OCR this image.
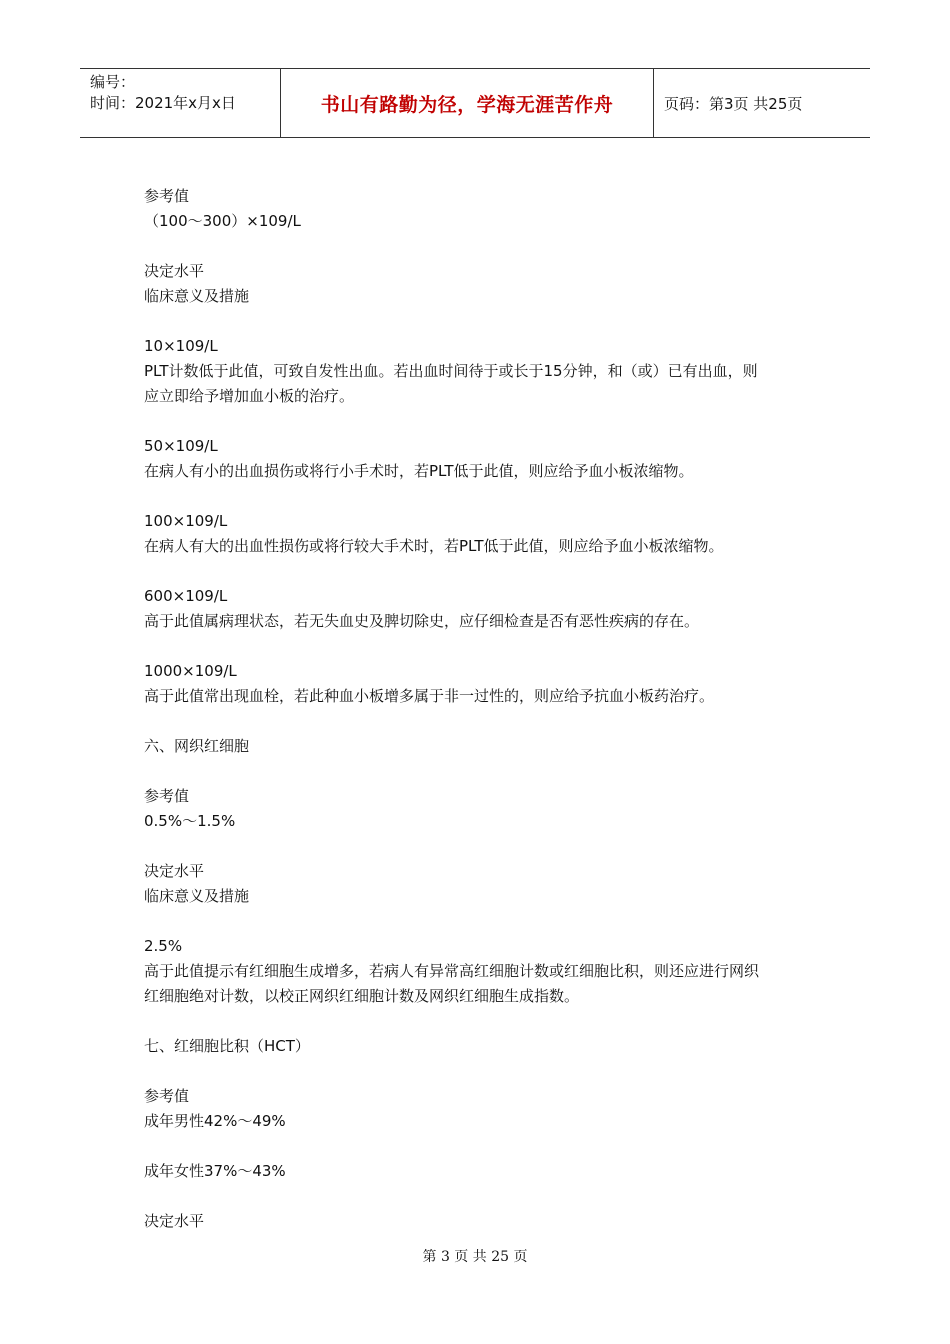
编号：
时间：2021年x月x日	书山有路勤为径，学海无涯苦作舟	页码：第3页 共25页
参考值
（100～300）×109/L
决定水平
临床意义及措施
10×109/L
PLT计数低于此值，可致自发性出血。若出血时间待于或长于15分钟，和（或）已有出血，则
应立即给予增加血小板的治疗。
50×109/L
在病人有小的出血损伤或将行小手术时，若PLT低于此值，则应给予血小板浓缩物。
100×109/L
在病人有大的出血性损伤或将行较大手术时，若PLT低于此值，则应给予血小板浓缩物。
600×109/L
高于此值属病理状态，若无失血史及脾切除史，应仔细检查是否有恶性疾病的存在。
1000×109/L
高于此值常出现血栓，若此种血小板增多属于非一过性的，则应给予抗血小板药治疗。
六、网织红细胞
参考值
0.5%～1.5%
决定水平
临床意义及措施
2.5%
高于此值提示有红细胞生成增多，若病人有异常高红细胞计数或红细胞比积，则还应进行网织
红细胞绝对计数，以校正网织红细胞计数及网织红细胞生成指数。
七、红细胞比积（HCT）
参考值
成年男性42%～49%
成年女性37%～43%
决定水平
第 3 页 共 25 页
